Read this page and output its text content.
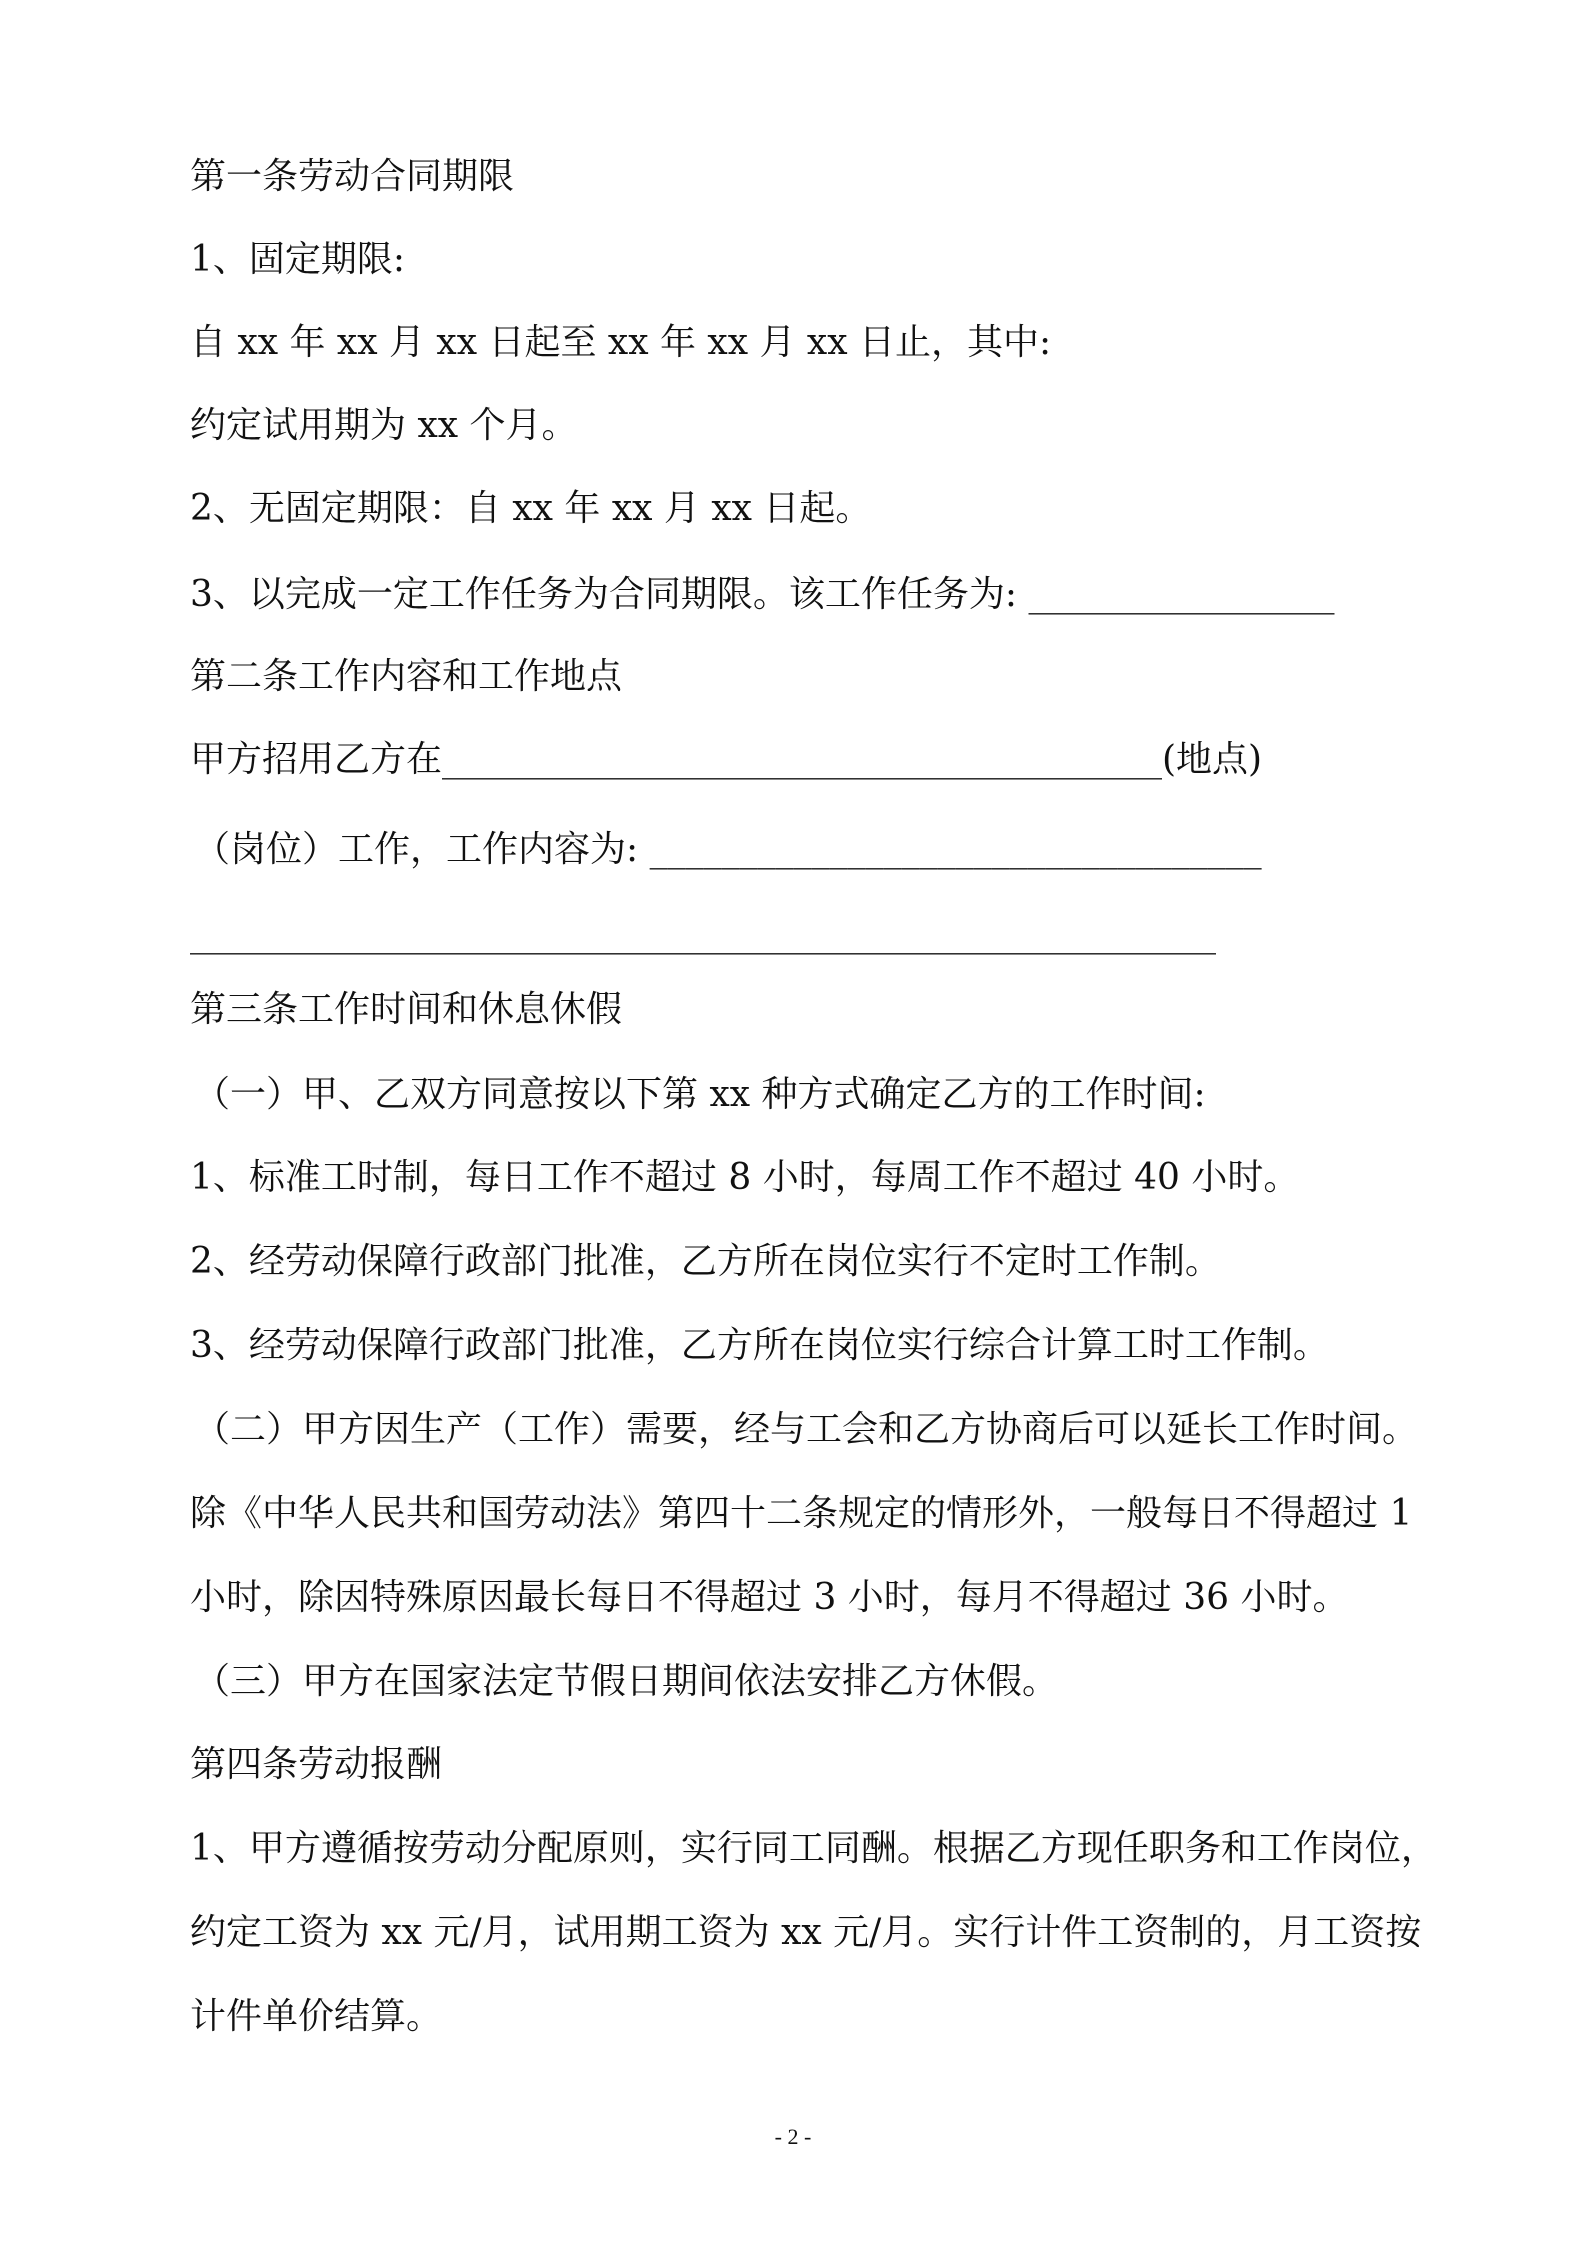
第一条劳动合同期限
1、固定期限:
自 xx 年 xx 月 xx 日起至 xx 年 xx 月 xx 日止，其中:
约定试用期为 xx 个月。
2、无固定期限：自 xx 年 xx 月 xx 日起。
3、以完成一定工作任务为合同期限。该工作任务为: _________________
第二条工作内容和工作地点
甲方招用乙方在________________________________________(地点)
（岗位）工作，工作内容为: __________________________________
_________________________________________________________
第三条工作时间和休息休假
（一）甲、乙双方同意按以下第 xx 种方式确定乙方的工作时间:
1、标准工时制，每日工作不超过 8 小时，每周工作不超过 40 小时。
2、经劳动保障行政部门批准，乙方所在岗位实行不定时工作制。
3、经劳动保障行政部门批准，乙方所在岗位实行综合计算工时工作制。
（二）甲方因生产（工作）需要，经与工会和乙方协商后可以延长工作时间。
除《中华人民共和国劳动法》第四十二条规定的情形外，一般每日不得超过 1
小时，除因特殊原因最长每日不得超过 3 小时，每月不得超过 36 小时。
（三）甲方在国家法定节假日期间依法安排乙方休假。
第四条劳动报酬
1、甲方遵循按劳动分配原则，实行同工同酬。根据乙方现任职务和工作岗位，
约定工资为 xx 元/月，试用期工资为 xx 元/月。实行计件工资制的，月工资按
计件单价结算。
- 2 -
